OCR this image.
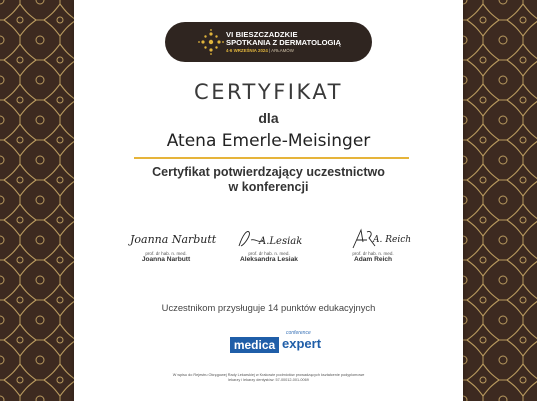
VI BIESZCZADZKIE
SPOTKANIA Z DERMATOLOGIĄ
4-6 WRZEŚNIA 2024 | ARŁAMÓW
CERTYFIKAT
dla
Atena Emerle-Meisinger
Certyfikat potwierdzający uczestnictwo
w konferencji
Joanna Narbutt
prof. dr hab. n. med.
Joanna Narbutt
A.Lesiak
prof. dr hab. n. med.
Aleksandra Lesiak
A. Reich
prof. dr hab. n. med.
Adam Reich
Uczestnikom przysługuje 14 punktów edukacyjnych
conference
medica expert
W wpisu do Rejestru Okręgowej Rady Lekarskiej w Krakowie podmiotów prowadzących kształcenie podyplomowe
lekarzy i lekarzy dentystów: 57-00012-001-0069
